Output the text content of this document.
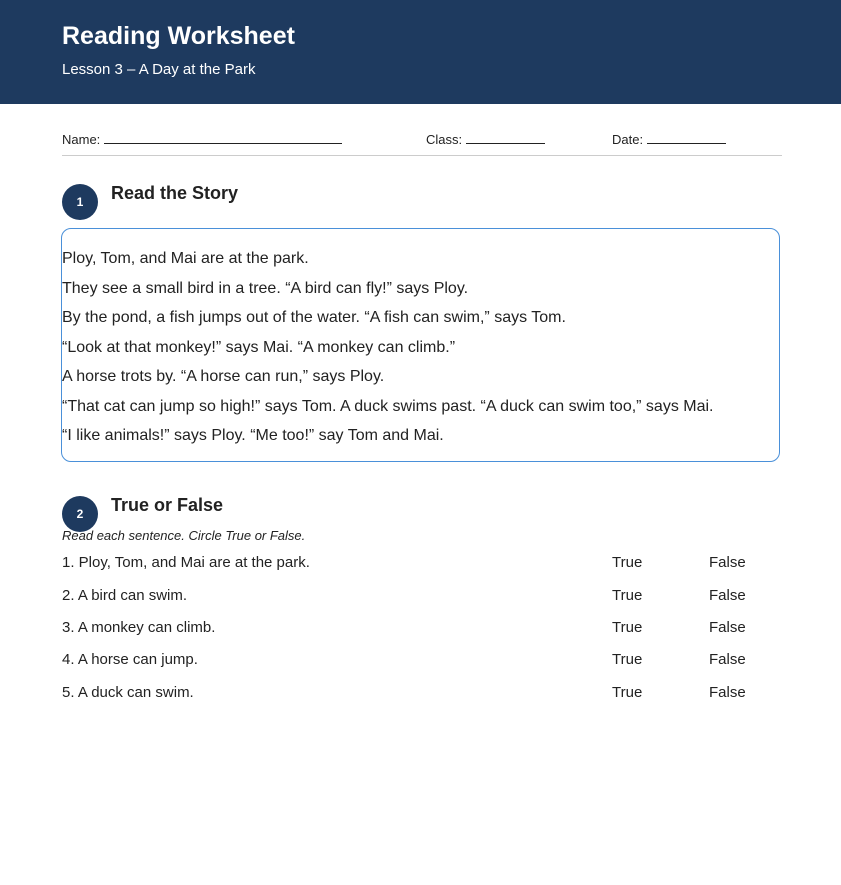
Reading Worksheet
Lesson 3 – A Day at the Park
Name:	Class:	Date:
1	Read the Story
Ploy, Tom, and Mai are at the park.
They see a small bird in a tree. “A bird can fly!” says Ploy.
By the pond, a fish jumps out of the water. “A fish can swim,” says Tom.
“Look at that monkey!” says Mai. “A monkey can climb.”
A horse trots by. “A horse can run,” says Ploy.
“That cat can jump so high!” says Tom. A duck swims past. “A duck can swim too,” says Mai.
“I like animals!” says Ploy. “Me too!” say Tom and Mai.
2	True or False
Read each sentence. Circle True or False.
1. Ploy, Tom, and Mai are at the park.	True	False
2. A bird can swim.	True	False
3. A monkey can climb.	True	False
4. A horse can jump.	True	False
5. A duck can swim.	True	False
